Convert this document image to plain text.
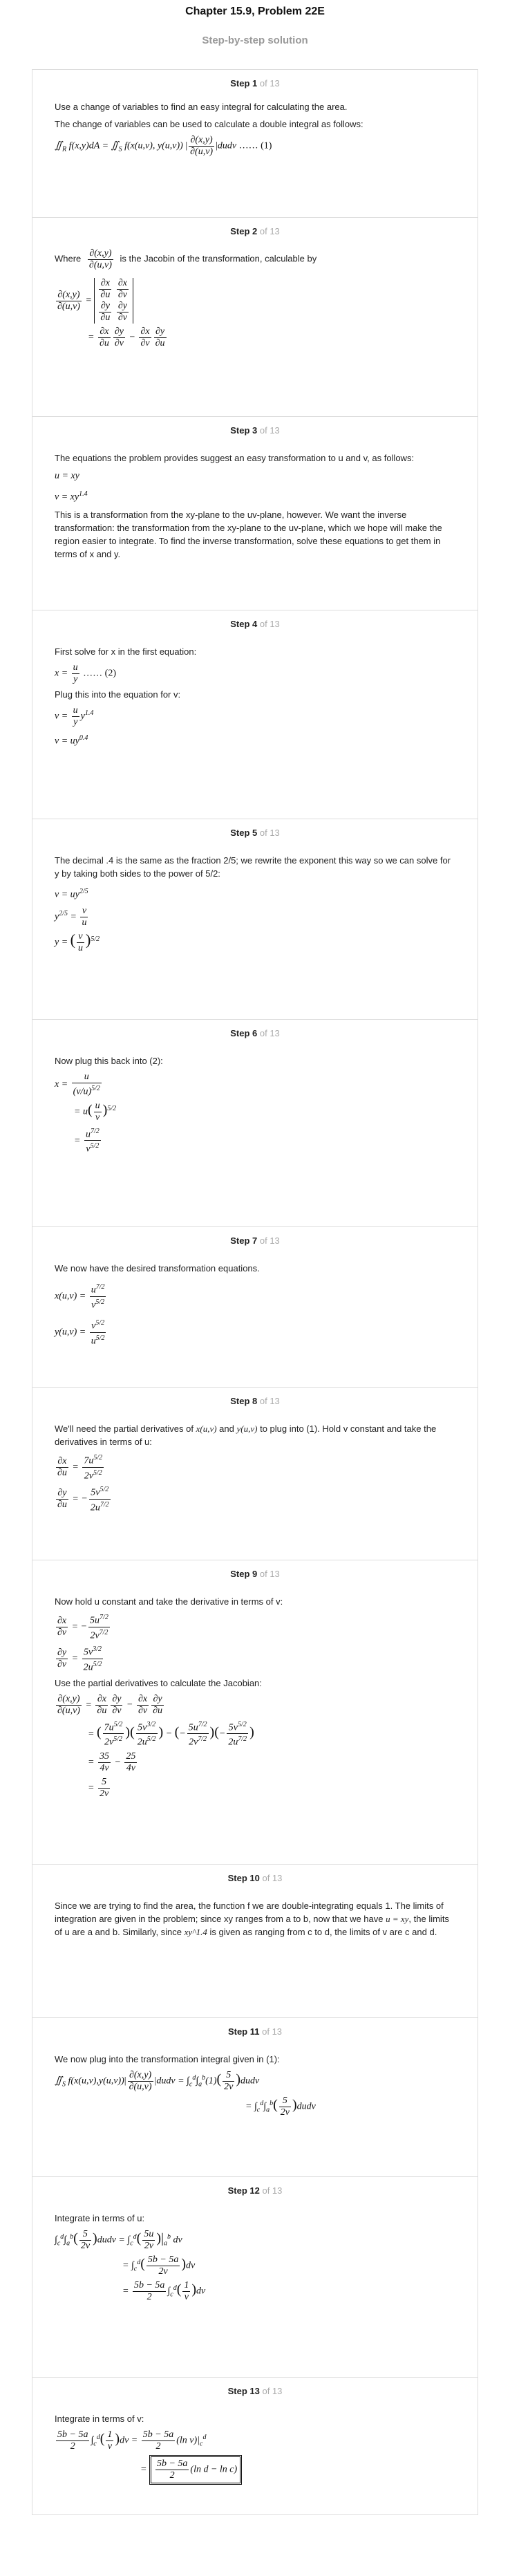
Chapter 15.9, Problem 22E
Step-by-step solution
Step 1 of 13

Use a change of variables to find an easy integral for calculating the area.

The change of variables can be used to calculate a double integral as follows:

$∬_R$ $f(x,y)dA = ∬_S$ f(x(u,v), y(u,v)) | $\frac{\partial(x,y)}{\partial(u,v)}$ |dudv …… (1)
Step 2 of 13

Where $\frac{\partial(x,y)}{\partial(u,v)}$ is the Jacobin of the transformation, calculable by

$\frac{\partial(x,y)}{\partial(u,v)} = \frac{\partial x}{\partial u}$
$\frac{\partial x}{\partial v}$

$\frac{\partial y}{\partial u}$
$\frac{\partial y}{\partial v}$
= $\frac{\partial x}{\partial u} \frac{\partial y}{\partial v} - \frac{\partial x}{\partial v} \frac{\partial y}{\partial u}$
Step 3 of 13

The equations the problem provides suggest an easy transformation to u and v, as follows:

u = xy
$v = xy^{1.4}$

This is a transformation from the xy-plane to the uv-plane, however. We want the inverse transformation: the transformation from the xy-plane to the uv-plane, which we hope will make the region easier to integrate. To find the inverse transformation, solve these equations to get them in terms of x and y.

Step 4 of 13

First solve for x in the first equation:

$x = \frac{u}{y}$ …… (2)

Plug this into the equation for v:

$v = \frac{u}{y} y^{1.4}$
$v = uy^{0.4}$
Step 5 of 13

The decimal .4 is the same as the fraction 2/5; we rewrite the exponent this way so we can solve for y by taking both sides to the power of 5/2:

$v = uy^{2/5}$
$y^{2/5} = \frac{v}{u}$
y = ( $\frac{v}{u} )^{5/2}$
Step 6 of 13

Now plug this back into (2):

$x = \frac{u}{(v/u)^{5/2}}$
= $u( \frac{u}{v} )^{5/2}$
= $\frac{u^{7/2}}{v^{5/2}}$
Step 7 of 13

We now have the desired transformation equations.

$x(u,v) = \frac{u^{7/2}}{v^{5/2}}$
$y(u,v) = \frac{v^{5/2}}{u^{5/2}}$
Step 8 of 13

We'll need the partial derivatives of x(u,v) and y(u,v) to plug into (1). Hold v constant and take the derivatives in terms of u:

$\frac{\partial x}{\partial u} = \frac{7u^{5/2}}{2v^{5/2}}$
$\frac{\partial y}{\partial u}$ = − $\frac{5v^{5/2}}{2u^{7/2}}$
Step 9 of 13

Now hold u constant and take the derivative in terms of v:

$\frac{\partial x}{\partial v}$ = − $\frac{5u^{7/2}}{2v^{7/2}}$
$\frac{\partial y}{\partial v} = \frac{5v^{3/2}}{2u^{5/2}}$

Use the partial derivatives to calculate the Jacobian:

$\frac{\partial(x,y)}{\partial(u,v)} = \frac{\partial x}{\partial u} \frac{\partial y}{\partial v} - \frac{\partial x}{\partial v} \frac{\partial y}{\partial u}$
= ( $\frac{7u^{5/2}}{2v^{5/2}}$ )( $\frac{5v^{3/2}}{2u^{5/2}}$ ) − (− $\frac{5u^{7/2}}{2v^{7/2}}$ )(− $\frac{5v^{5/2}}{2u^{7/2}}$ )
= $\frac{35}{4v} - \frac{25}{4v}$
= $\frac{5}{2v}$
Step 10 of 13

Since we are trying to find the area, the function f we are double-integrating equals 1. The limits of integration are given in the problem; since xy ranges from a to b, now that we have u = xy, the limits of u are a and b. Similarly, since xy^1.4 is given as ranging from c to d, the limits of v are c and d.

Step 11 of 13

We now plug into the transformation integral given in (1):

$∬_S$ $f(x(u,v),y(u,v))| \frac{\partial(x,y)}{\partial(u,v)}$ |dudv = $\int_c^d\int_a^b(1)( \frac{5}{2v}$ )dudv
= $\int_c^d\int_a^b( \frac{5}{2v}$ )dudv
Step 12 of 13

Integrate in terms of u:

$\int_c^d\int_a^b( \frac{5}{2v}$ )dudv = $\int_c^d( \frac{5u}{2v} )|_a^b$ dv
= $\int_c^d( \frac{5b - 5a}{2v} )dv$
= $\frac{5b - 5a}{2} \int_c^d( \frac{1}{v} )dv$
Step 13 of 13

Integrate in terms of v:

$\frac{5b - 5a}{2} \int_c^d( \frac{1}{v} )dv = \frac{5b - 5a}{2} (\ln$ $v)|_c^d$
= $\frac{5b - 5a}{2} (\ln$ d − ln c)
